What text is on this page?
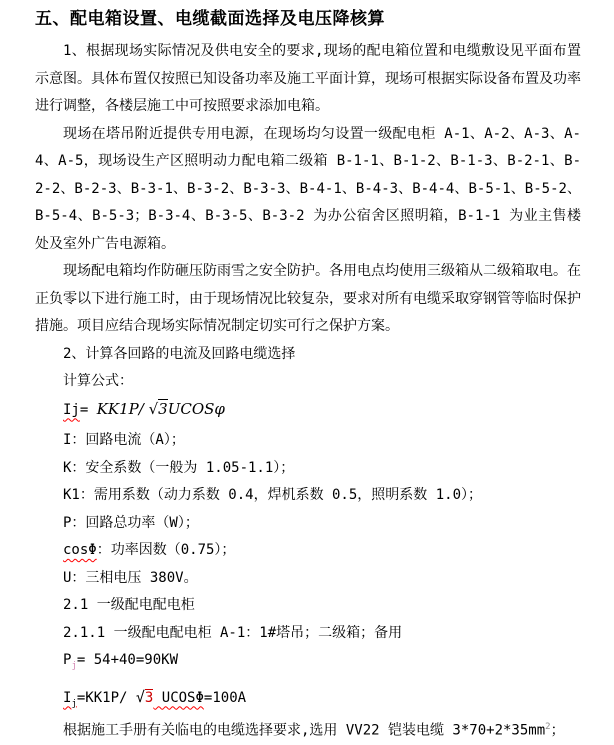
五、配电箱设置、电缆截面选择及电压降核算

1、根据现场实际情况及供电安全的要求,现场的配电箱位置和电缆敷设见平面布置示意图。具体布置仅按照已知设备功率及施工平面计算，现场可根据实际设备布置及功率进行调整，各楼层施工中可按照要求添加电箱。

现场在塔吊附近提供专用电源，在现场均匀设置一级配电柜 A-1、A-2、A-3、A-4、A-5，现场设生产区照明动力配电箱二级箱 B-1-1、B-1-2、B-1-3、B-2-1、B-2-2、B-2-3、B-3-1、B-3-2、B-3-3、B-4-1、B-4-3、B-4-4、B-5-1、B-5-2、B-5-4、B-5-3；B-3-4、B-3-5、B-3-2 为办公宿舍区照明箱，B-1-1 为业主售楼处及室外广告电源箱。

现场配电箱均作防砸压防雨雪之安全防护。各用电点均使用三级箱从二级箱取电。在正负零以下进行施工时，由于现场情况比较复杂，要求对所有电缆采取穿钢管等临时保护措施。项目应结合现场实际情况制定切实可行之保护方案。

2、计算各回路的电流及回路电缆选择

计算公式：

Ij= KK1P/ √3UCOSφ

I：回路电流（A）；

K：安全系数（一般为 1.05-1.1）；

K1：需用系数（动力系数 0.4，焊机系数 0.5，照明系数 1.0）；

P：回路总功率（W）；

cosΦ：功率因数（0.75）；

U：三相电压 380V。

2.1 一级配电配电柜

2.1.1 一级配电配电柜 A-1：1#塔吊；二级箱；备用

$P_j= 54+40=90KW$

$I_j=KK1P/$ √3 UCOSΦ=100A

根据施工手册有关临电的电缆选择要求,选用 VV22 铠装电缆 $3*70+2*35mm^2$；
